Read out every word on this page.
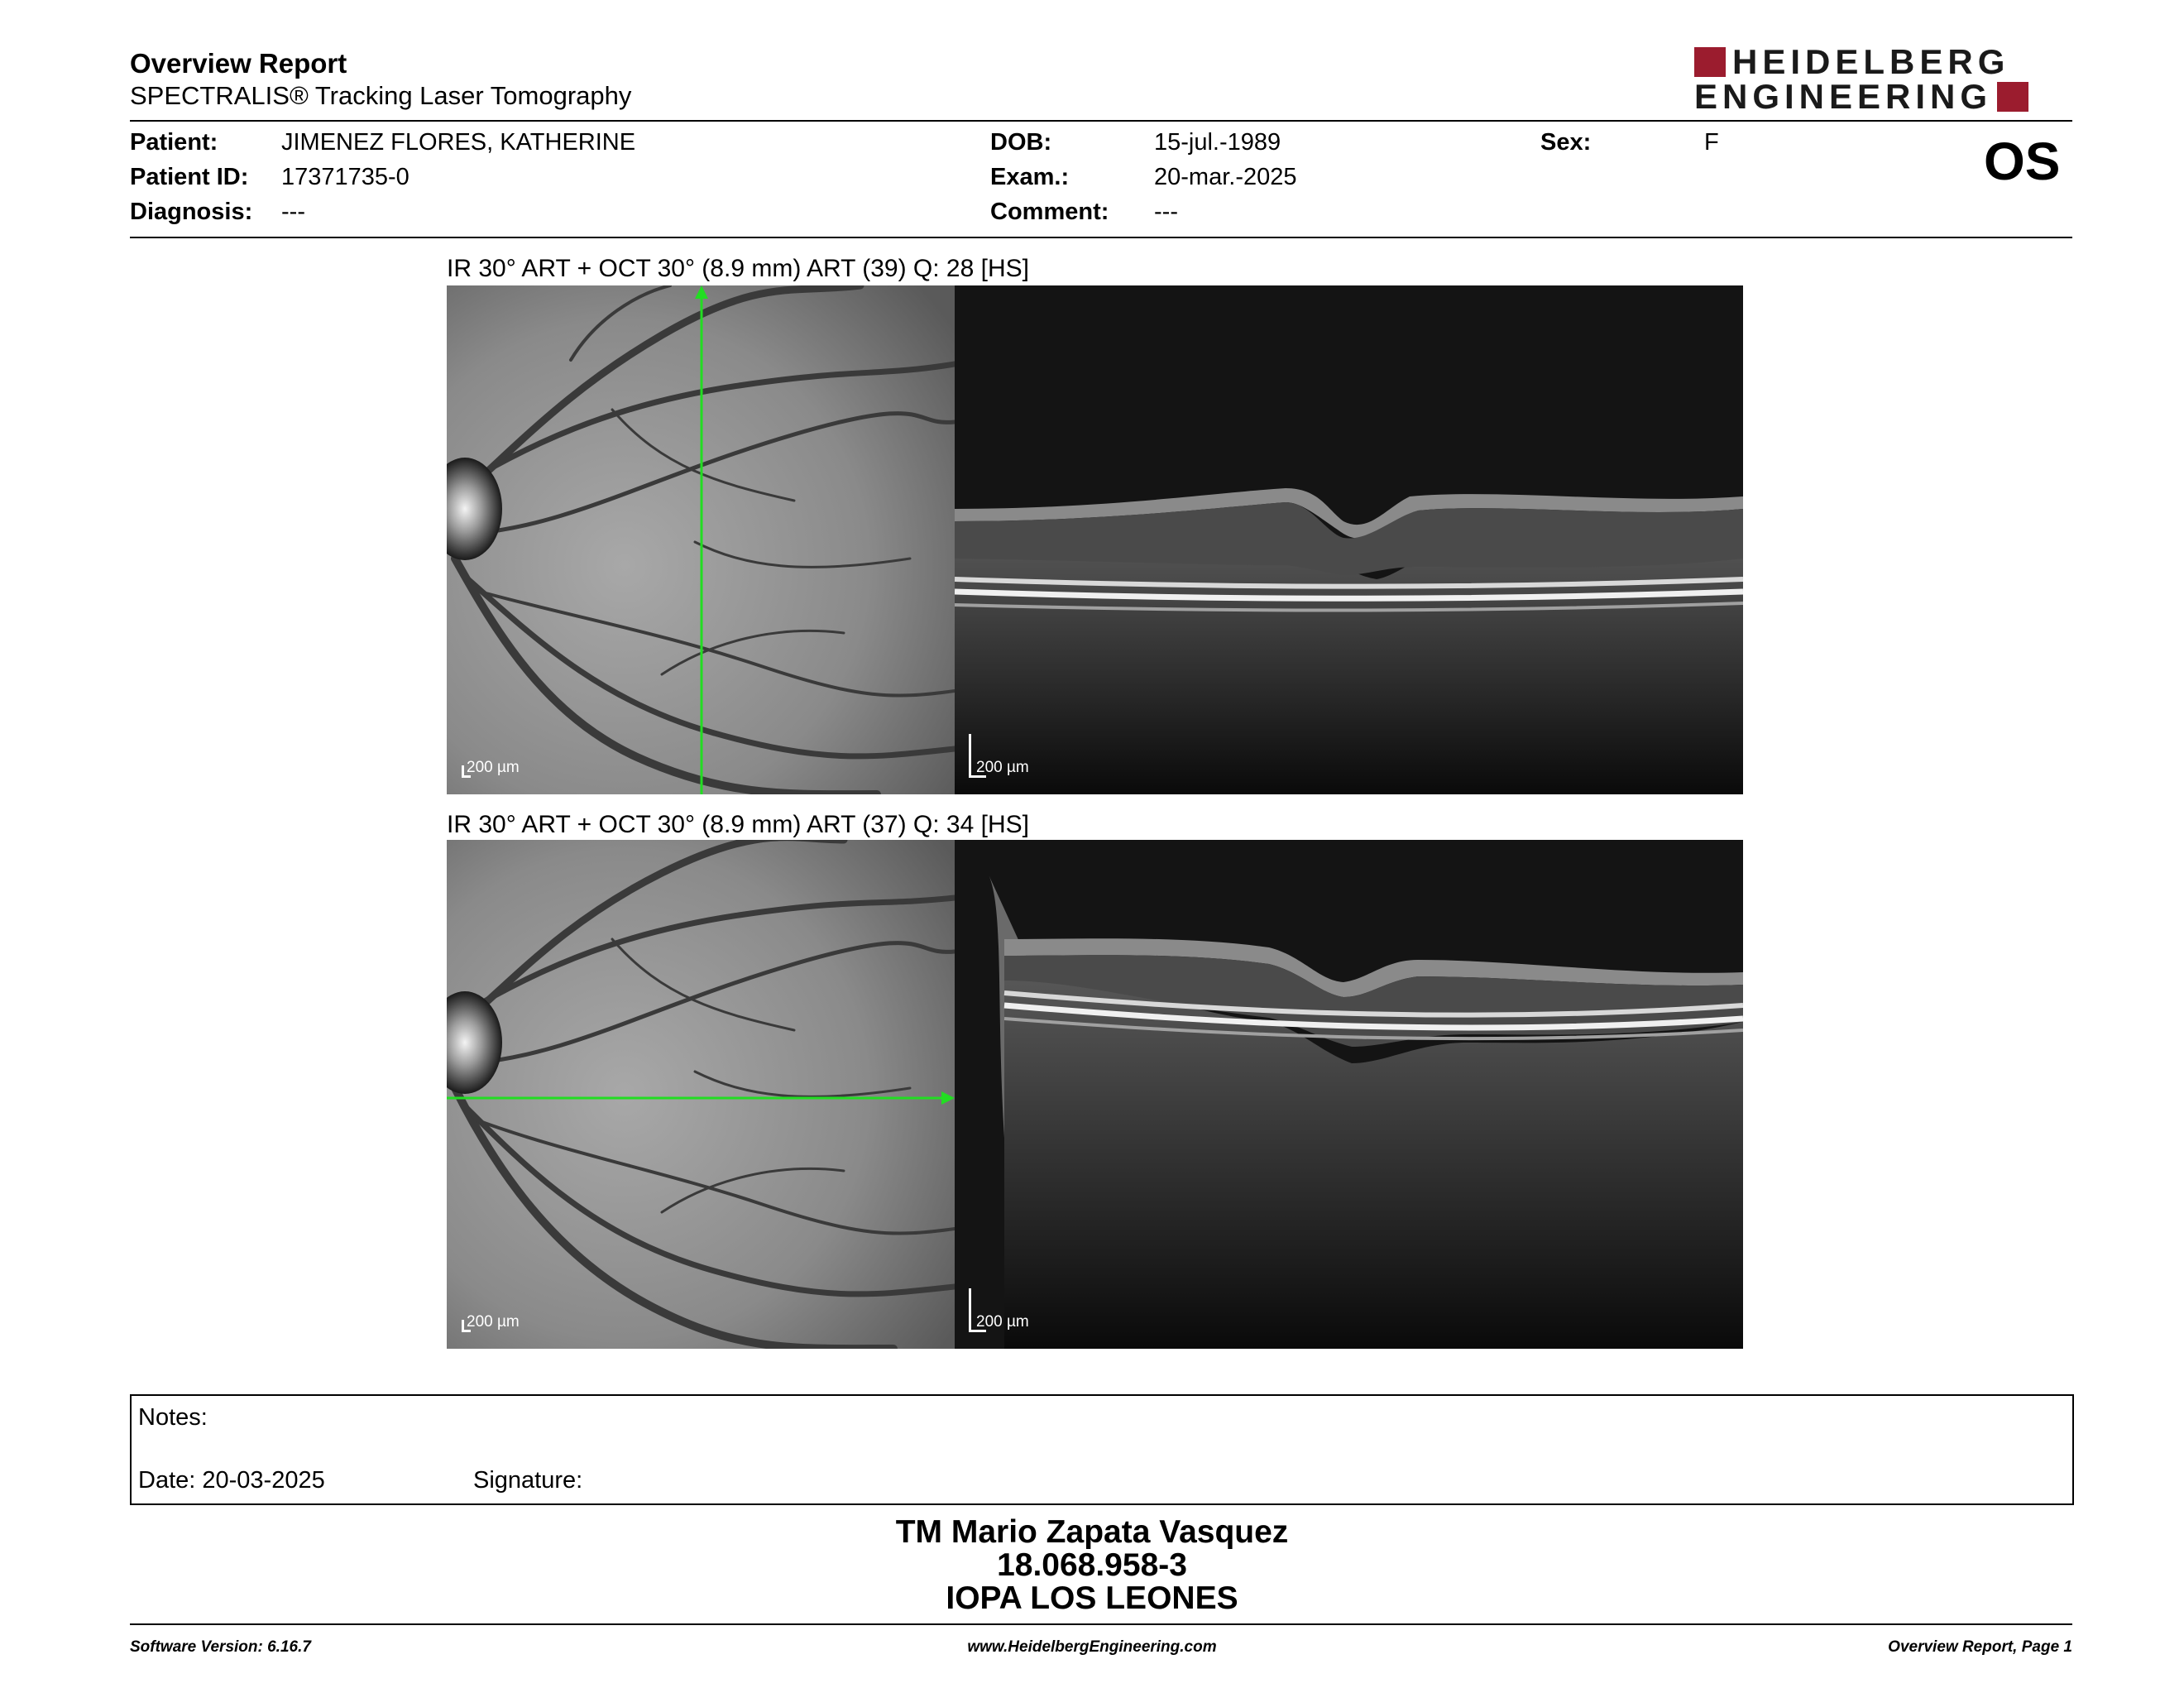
Overview Report
SPECTRALIS® Tracking Laser Tomography
HEIDELBERG
ENGINEERING
Patient:	JIMENEZ FLORES, KATHERINE
Patient ID: 17371735-0
Diagnosis: ---
DOB:	15-jul.-1989
Exam.:	20-mar.-2025
Comment: ---
Sex:	F	OS
IR 30° ART + OCT 30° (8.9 mm) ART (39) Q: 28 [HS]
200 µm	200 µm
IR 30° ART + OCT 30° (8.9 mm) ART (37) Q: 34 [HS]
200 µm	200 µm
Notes:
Date: 20-03-2025	Signature:
TM Mario Zapata Vasquez
18.068.958-3
IOPA LOS LEONES
Software Version: 6.16.7	www.HeidelbergEngineering.com	Overview Report, Page 1
